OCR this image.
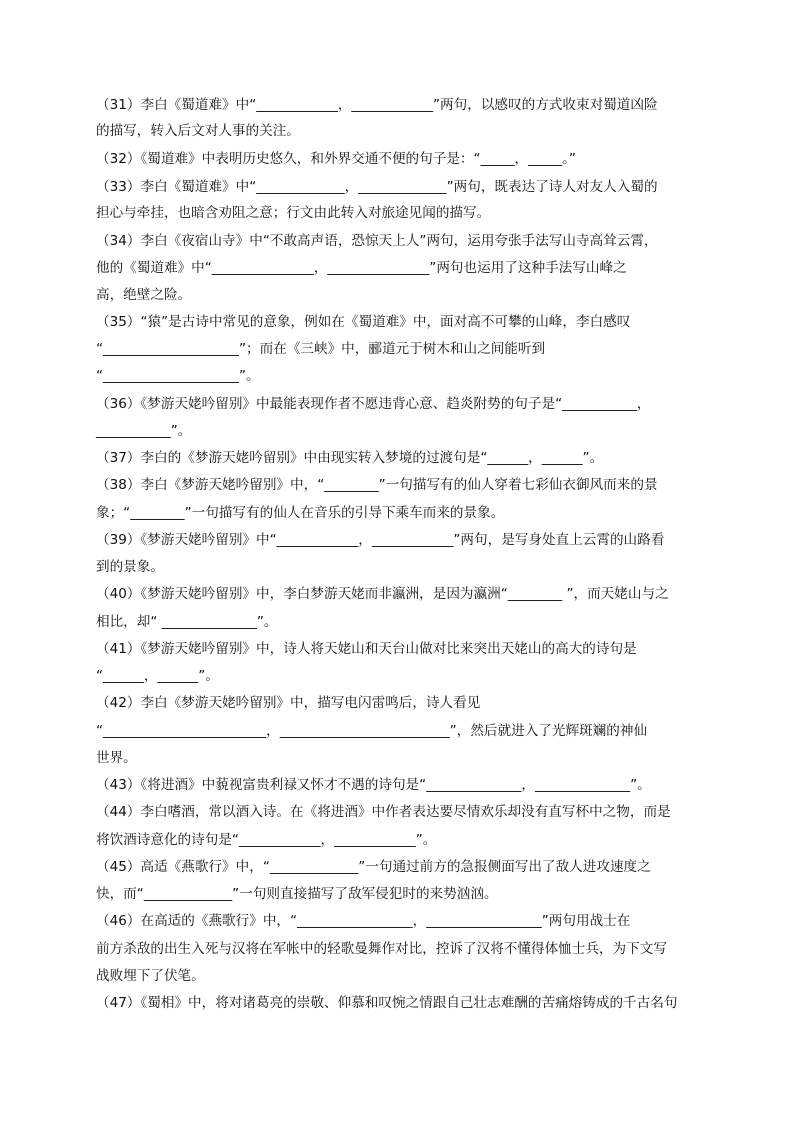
（31）李白《蜀道难》中“____________，____________”两句，以感叹的方式收束对蜀道凶险
的描写，转入后文对人事的关注。
（32）《蜀道难》中表明历史悠久，和外界交通不便的句子是：“_____，_____。”
（33）李白《蜀道难》中“_____________，_____________”两句，既表达了诗人对友人入蜀的
担心与牵挂，也暗含劝阻之意；行文由此转入对旅途见闻的描写。
（34）李白《夜宿山寺》中“不敢高声语，恐惊天上人”两句，运用夸张手法写山寺高耸云霄，
他的《蜀道难》中“_______________，_______________”两句也运用了这种手法写山峰之
高，绝壁之险。
（35）“猿”是古诗中常见的意象，例如在《蜀道难》中，面对高不可攀的山峰，李白感叹
“____________________”；而在《三峡》中，郦道元于树木和山之间能听到
“____________________”。
（36）《梦游天姥吟留别》中最能表现作者不愿违背心意、趋炎附势的句子是“___________，
___________”。
（37）李白的《梦游天姥吟留别》中由现实转入梦境的过渡句是“______，______”。
（38）李白《梦游天姥吟留别》中，“________”一句描写有的仙人穿着七彩仙衣御风而来的景
象；“________”一句描写有的仙人在音乐的引导下乘车而来的景象。
（39）《梦游天姥吟留别》中“____________，____________”两句，是写身处直上云霄的山路看
到的景象。
（40）《梦游天姥吟留别》中，李白梦游天姥而非瀛洲，是因为瀛洲“________ ”，而天姥山与之
相比，却“ ______________”。
（41）《梦游天姥吟留别》中，诗人将天姥山和天台山做对比来突出天姥山的高大的诗句是
“______，______”。
（42）李白《梦游天姥吟留别》中，描写电闪雷鸣后，诗人看见
“________________________，_________________________”，然后就进入了光辉斑斓的神仙
世界。
（43）《将进酒》中藐视富贵利禄又怀才不遇的诗句是“______________，______________”。
（44）李白嗜酒，常以酒入诗。在《将进酒》中作者表达要尽情欢乐却没有直写杯中之物，而是
将饮酒诗意化的诗句是“____________，____________”。
（45）高适《燕歌行》中，“_____________”一句通过前方的急报侧面写出了敌人进攻速度之
快，而“_____________”一句则直接描写了敌军侵犯时的来势汹汹。
（46）在高适的《燕歌行》中，“_________________，_________________”两句用战士在
前方杀敌的出生入死与汉将在军帐中的轻歌曼舞作对比，控诉了汉将不懂得体恤士兵，为下文写
战败埋下了伏笔。
（47）《蜀相》中，将对诸葛亮的崇敬、仰慕和叹惋之情跟自己壮志难酬的苦痛熔铸成的千古名句
